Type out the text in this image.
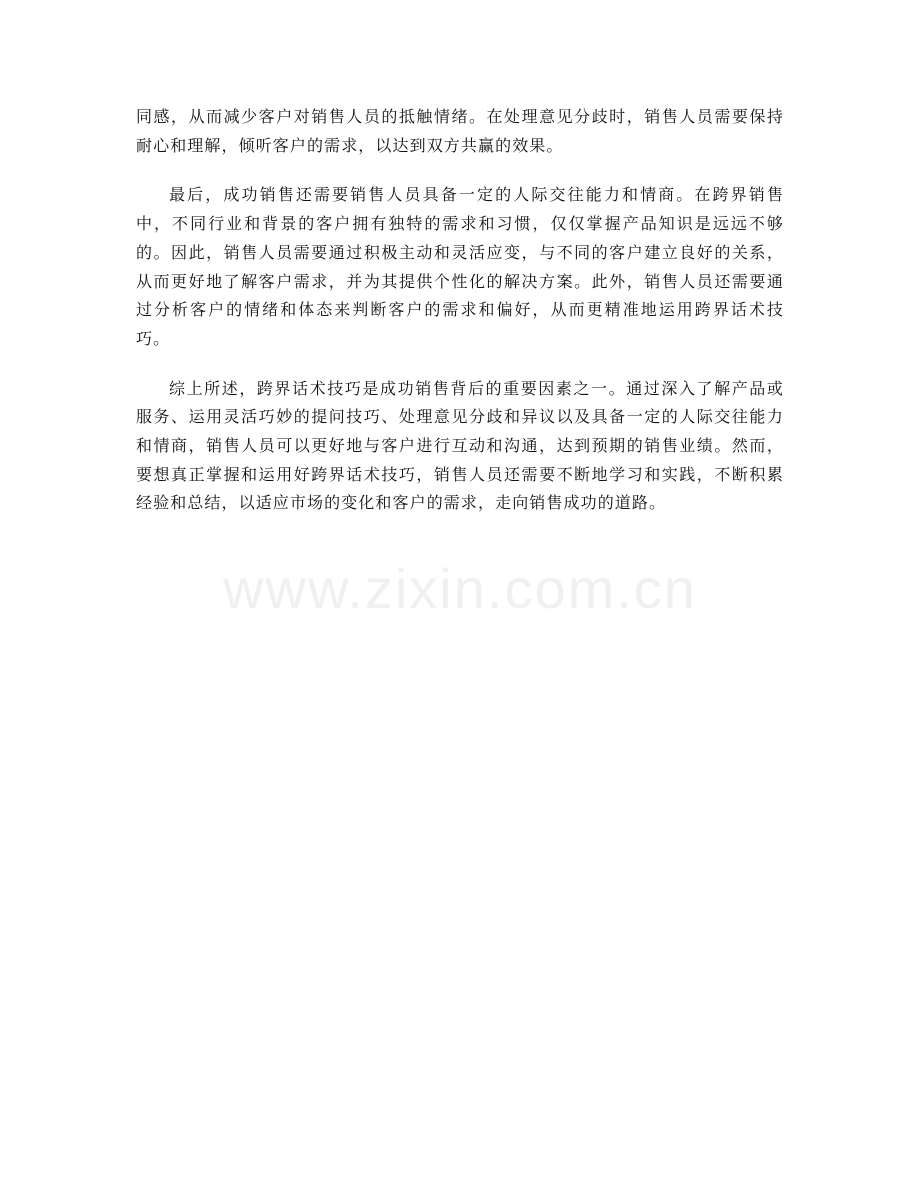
同感，从而减少客户对销售人员的抵触情绪。在处理意见分歧时，销售人员需要保持耐心和理解，倾听客户的需求，以达到双方共赢的效果。

最后，成功销售还需要销售人员具备一定的人际交往能力和情商。在跨界销售中，不同行业和背景的客户拥有独特的需求和习惯，仅仅掌握产品知识是远远不够的。因此，销售人员需要通过积极主动和灵活应变，与不同的客户建立良好的关系，从而更好地了解客户需求，并为其提供个性化的解决方案。此外，销售人员还需要通过分析客户的情绪和体态来判断客户的需求和偏好，从而更精准地运用跨界话术技巧。

综上所述，跨界话术技巧是成功销售背后的重要因素之一。通过深入了解产品或服务、运用灵活巧妙的提问技巧、处理意见分歧和异议以及具备一定的人际交往能力和情商，销售人员可以更好地与客户进行互动和沟通，达到预期的销售业绩。然而，要想真正掌握和运用好跨界话术技巧，销售人员还需要不断地学习和实践，不断积累经验和总结，以适应市场的变化和客户的需求，走向销售成功的道路。

www.zixin.com.cn
